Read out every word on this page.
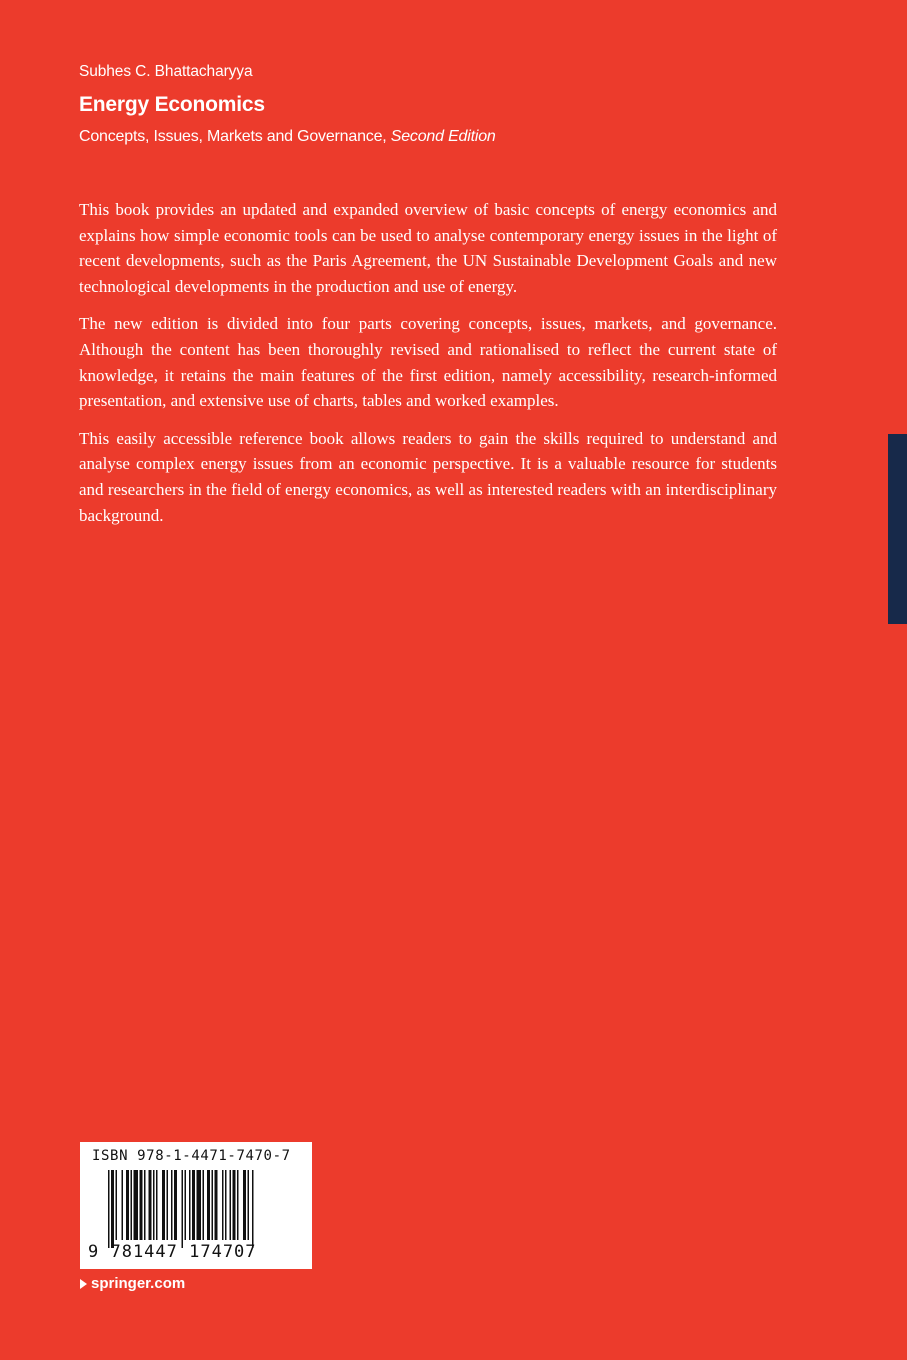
Subhes C. Bhattacharyya
Energy Economics
Concepts, Issues, Markets and Governance, Second Edition

This book provides an updated and expanded overview of basic concepts of energy economics and explains how simple economic tools can be used to analyse contemporary energy issues in the light of recent developments, such as the Paris Agreement, the UN Sustainable Development Goals and new technological developments in the production and use of energy.

The new edition is divided into four parts covering concepts, issues, markets, and governance. Although the content has been thoroughly revised and rationalised to reflect the current state of knowledge, it retains the main features of the first edition, namely accessibility, research-informed presentation, and extensive use of charts, tables and worked examples.

This easily accessible reference book allows readers to gain the skills required to understand and analyse complex energy issues from an economic perspective. It is a valuable resource for students and researchers in the field of energy economics, as well as interested readers with an interdisciplinary background.

ISBN 978-1-4471-7470-7
9 781447 174707
springer.com
